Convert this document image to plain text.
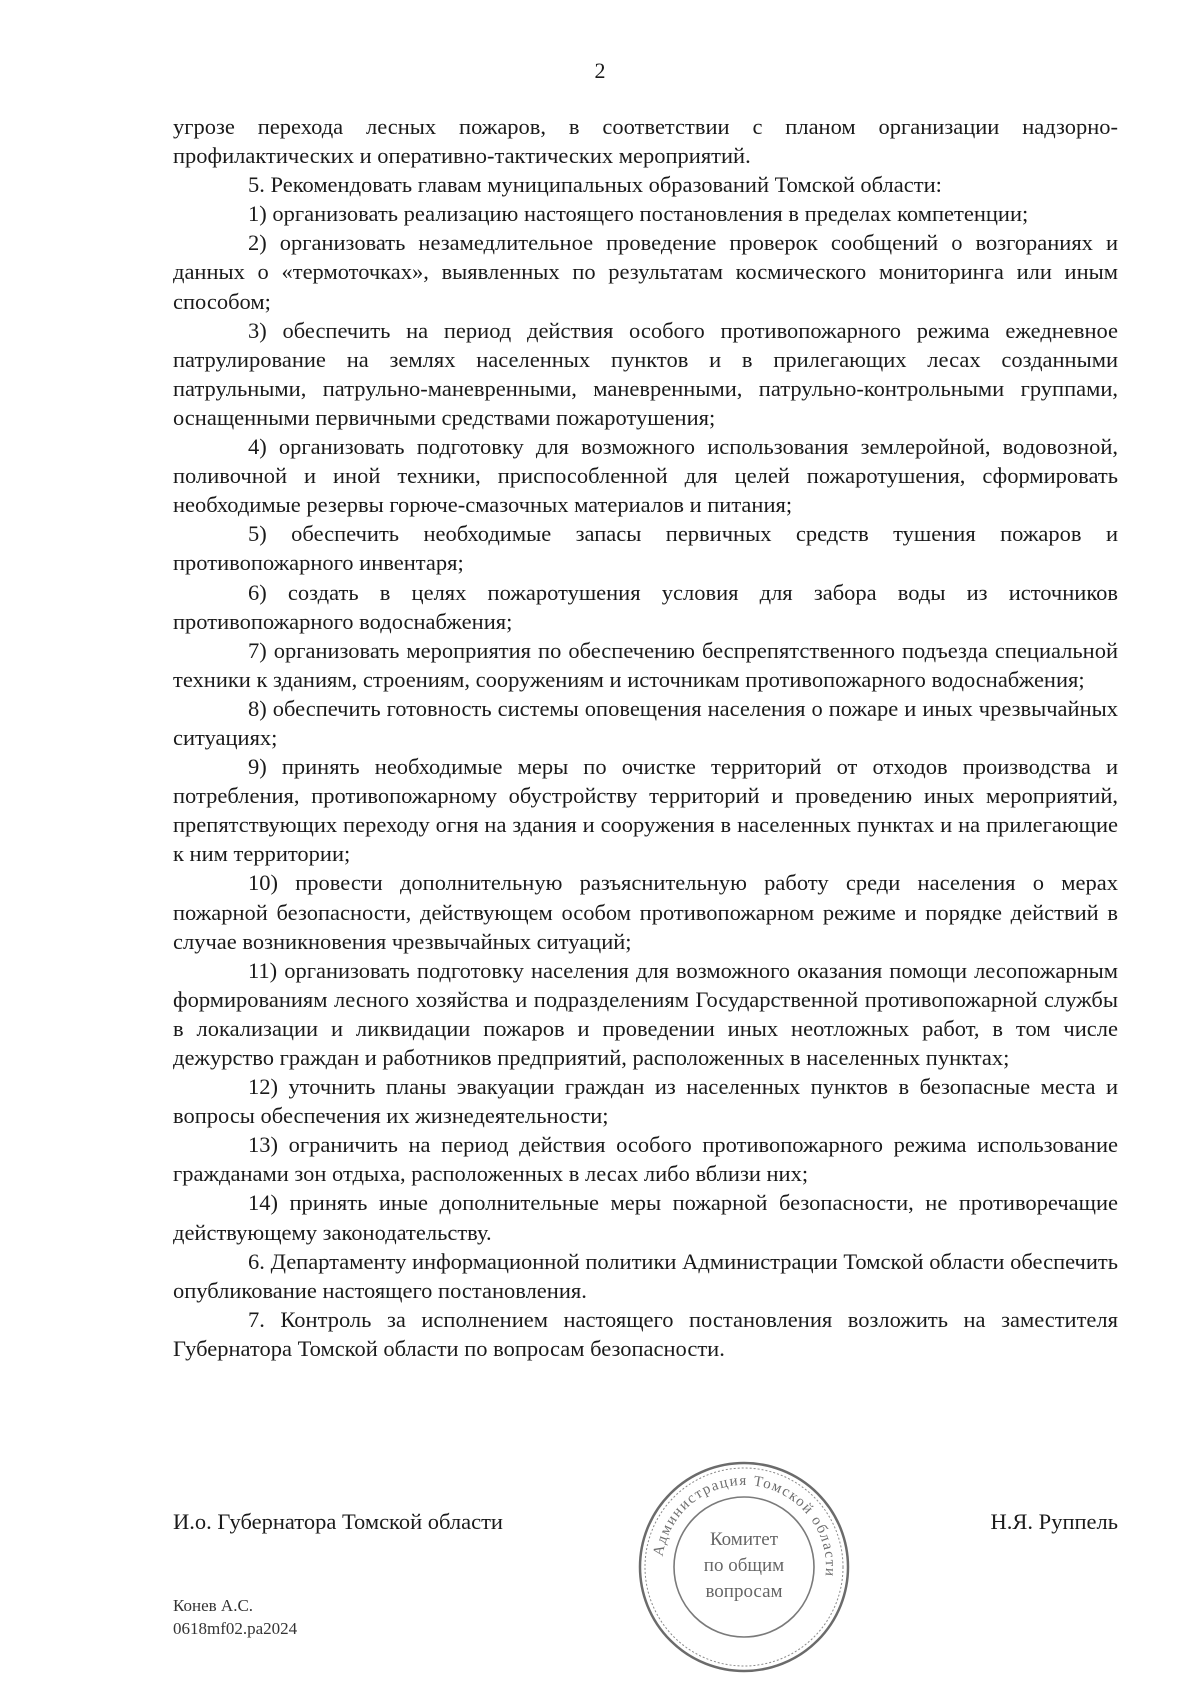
2

угрозе перехода лесных пожаров, в соответствии с планом организации надзорно-профилактических и оперативно-тактических мероприятий.

5. Рекомендовать главам муниципальных образований Томской области:

1) организовать реализацию настоящего постановления в пределах компетенции;

2) организовать незамедлительное проведение проверок сообщений о возгораниях и данных о «термоточках», выявленных по результатам космического мониторинга или иным способом;

3) обеспечить на период действия особого противопожарного режима ежедневное патрулирование на землях населенных пунктов и в прилегающих лесах созданными патрульными, патрульно-маневренными, маневренными, патрульно-контрольными группами, оснащенными первичными средствами пожаротушения;

4) организовать подготовку для возможного использования землеройной, водовозной, поливочной и иной техники, приспособленной для целей пожаротушения, сформировать необходимые резервы горюче-смазочных материалов и питания;

5) обеспечить необходимые запасы первичных средств тушения пожаров и противопожарного инвентаря;

6) создать в целях пожаротушения условия для забора воды из источников противопожарного водоснабжения;

7) организовать мероприятия по обеспечению беспрепятственного подъезда специальной техники к зданиям, строениям, сооружениям и источникам противопожарного водоснабжения;

8) обеспечить готовность системы оповещения населения о пожаре и иных чрезвычайных ситуациях;

9) принять необходимые меры по очистке территорий от отходов производства и потребления, противопожарному обустройству территорий и проведению иных мероприятий, препятствующих переходу огня на здания и сооружения в населенных пунктах и на прилегающие к ним территории;

10) провести дополнительную разъяснительную работу среди населения о мерах пожарной безопасности, действующем особом противопожарном режиме и порядке действий в случае возникновения чрезвычайных ситуаций;

11) организовать подготовку населения для возможного оказания помощи лесопожарным формированиям лесного хозяйства и подразделениям Государственной противопожарной службы в локализации и ликвидации пожаров и проведении иных неотложных работ, в том числе дежурство граждан и работников предприятий, расположенных в населенных пунктах;

12) уточнить планы эвакуации граждан из населенных пунктов в безопасные места и вопросы обеспечения их жизнедеятельности;

13) ограничить на период действия особого противопожарного режима использование гражданами зон отдыха, расположенных в лесах либо вблизи них;

14) принять иные дополнительные меры пожарной безопасности, не противоречащие действующему законодательству.

6. Департаменту информационной политики Администрации Томской области обеспечить опубликование настоящего постановления.

7. Контроль за исполнением настоящего постановления возложить на заместителя Губернатора Томской области по вопросам безопасности.

И.о. Губернатора Томской области	Н.Я. Руппель
Администрация Томской области
Комитет
по общим
вопросам
Конев А.С.
0618mf02.pa2024
